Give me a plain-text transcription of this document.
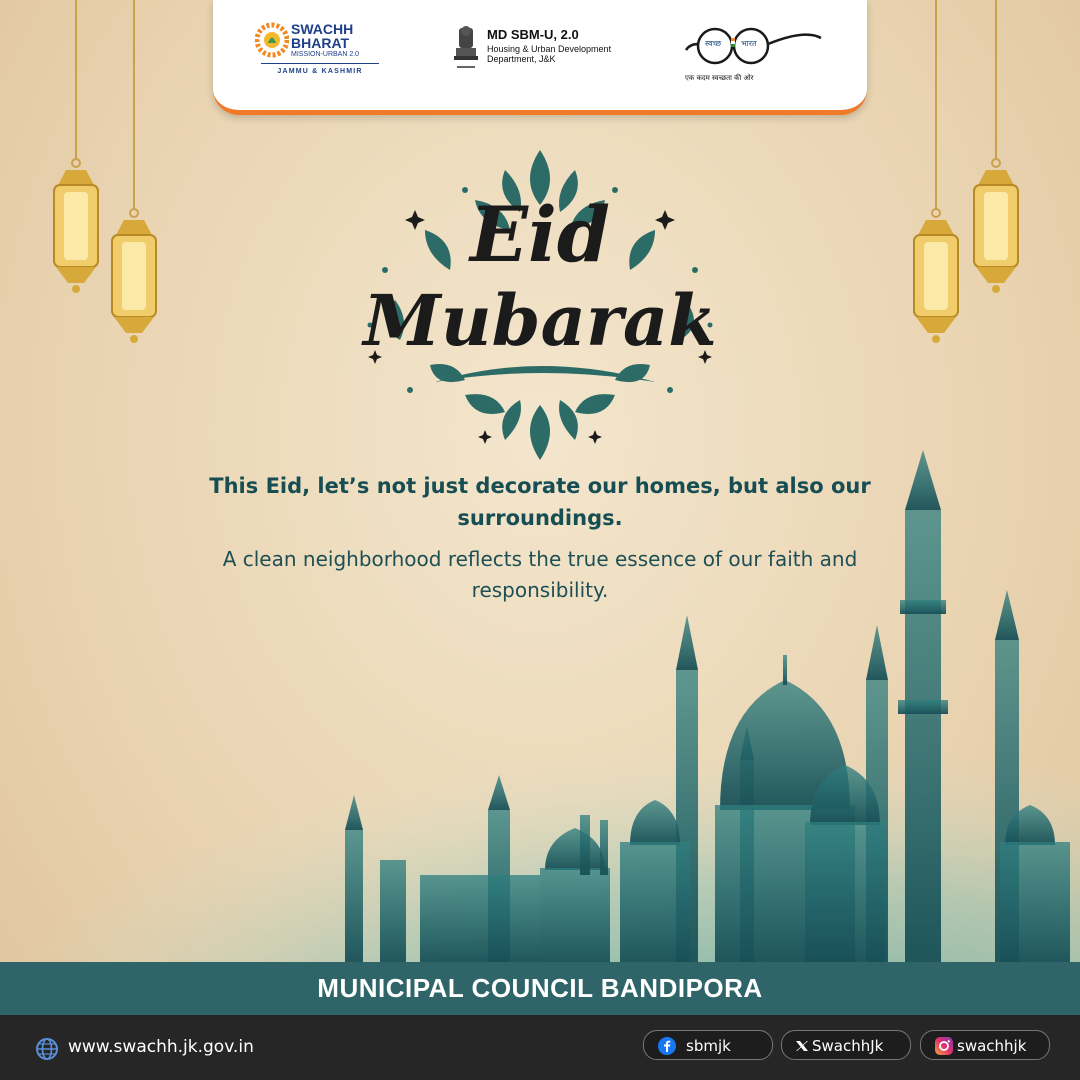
SWACHH
BHARAT
MISSION-URBAN 2.0
JAMMU & KASHMIR
MD SBM-U, 2.0
Housing & Urban Development Department, J&K
स्वच्छ भारत
एक कदम स्वच्छता की ओर
Eid
Mubarak
This Eid, let’s not just decorate our homes, but also our surroundings.
A clean neighborhood reflects the true essence of our faith and responsibility.
MUNICIPAL COUNCIL BANDIPORA
www.swachh.jk.gov.in	sbmjk	SwachhJk	swachhjk
